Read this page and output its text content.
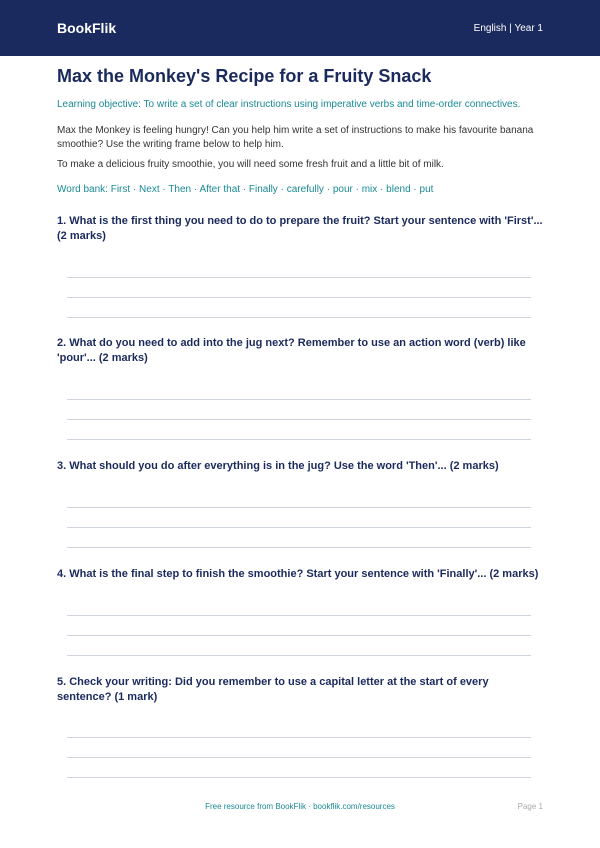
BookFlik	English | Year 1
Max the Monkey's Recipe for a Fruity Snack
Learning objective: To write a set of clear instructions using imperative verbs and time-order connectives.
Max the Monkey is feeling hungry! Can you help him write a set of instructions to make his favourite banana smoothie? Use the writing frame below to help him.
To make a delicious fruity smoothie, you will need some fresh fruit and a little bit of milk.
Word bank: First · Next · Then · After that · Finally · carefully · pour · mix · blend · put
1. What is the first thing you need to do to prepare the fruit? Start your sentence with 'First'... (2 marks)
2. What do you need to add into the jug next? Remember to use an action word (verb) like 'pour'... (2 marks)
3. What should you do after everything is in the jug? Use the word 'Then'... (2 marks)
4. What is the final step to finish the smoothie? Start your sentence with 'Finally'... (2 marks)
5. Check your writing: Did you remember to use a capital letter at the start of every sentence? (1 mark)
Free resource from BookFlik · bookflik.com/resources	Page 1
